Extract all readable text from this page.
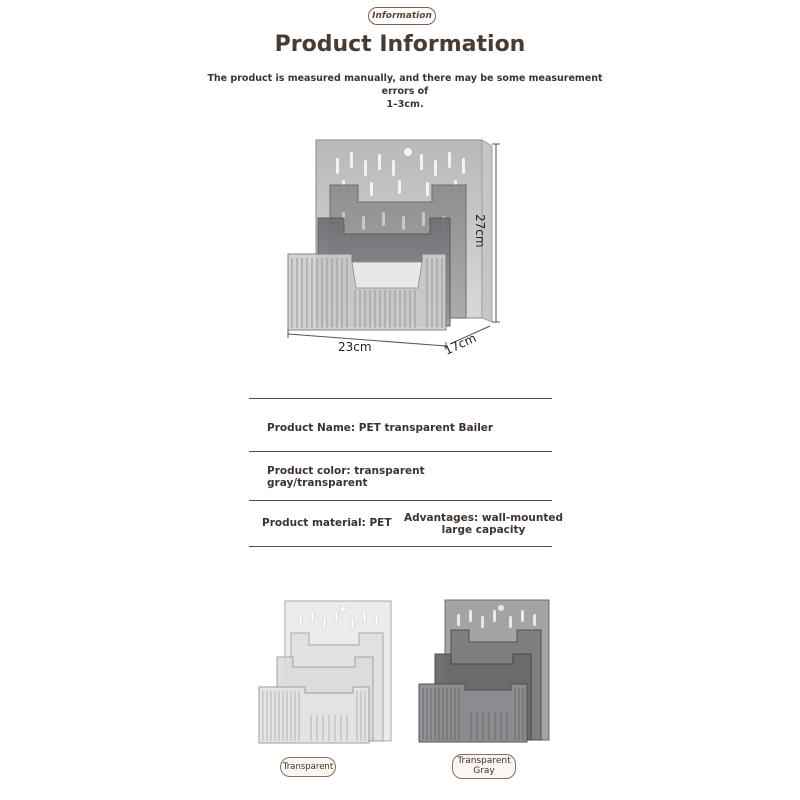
Information
Product Information
The product is measured manually, and there may be some measurement errors of
1–3cm.
27cm
23cm	17cm
Product Name: PET transparent Bailer
Product color: transparent
gray/transparent
Product material: PET Advantages: wall-mounted
large capacity
Transparent
Transparent
Gray
